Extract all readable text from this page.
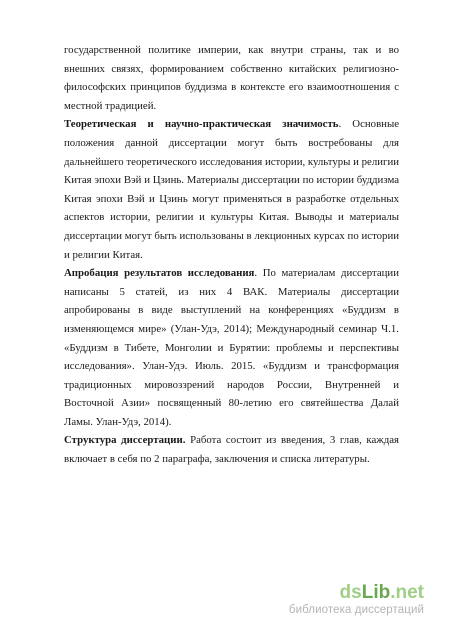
государственной политике империи, как внутри страны, так и во внешних связях, формированием собственно китайских религиозно-философских принципов буддизма в контексте его взаимоотношения с местной традицией.

Теоретическая и научно-практическая значимость. Основные положения данной диссертации могут быть востребованы для дальнейшего теоретического исследования истории, культуры и религии Китая эпохи Вэй и Цзинь. Материалы диссертации по истории буддизма Китая эпохи Вэй и Цзинь могут применяться в разработке отдельных аспектов истории, религии и культуры Китая. Выводы и материалы диссертации могут быть использованы в лекционных курсах по истории и религии Китая.

Апробация результатов исследования. По материалам диссертации написаны 5 статей, из них 4 ВАК. Материалы диссертации апробированы в виде выступлений на конференциях «Буддизм в изменяющемся мире» (Улан-Удэ, 2014); Международный семинар Ч.1. «Буддизм в Тибете, Монголии и Бурятии: проблемы и перспективы исследования». Улан-Удэ. Июль. 2015. «Буддизм и трансформация традиционных мировоззрений народов России, Внутренней и Восточной Азии» посвященный 80-летию его святейшества Далай Ламы. Улан-Удэ, 2014).

Структура диссертации. Работа состоит из введения, 3 глав, каждая включает в себя по 2 параграфа, заключения и списка литературы.

dsLib.net
библиотека диссертаций
